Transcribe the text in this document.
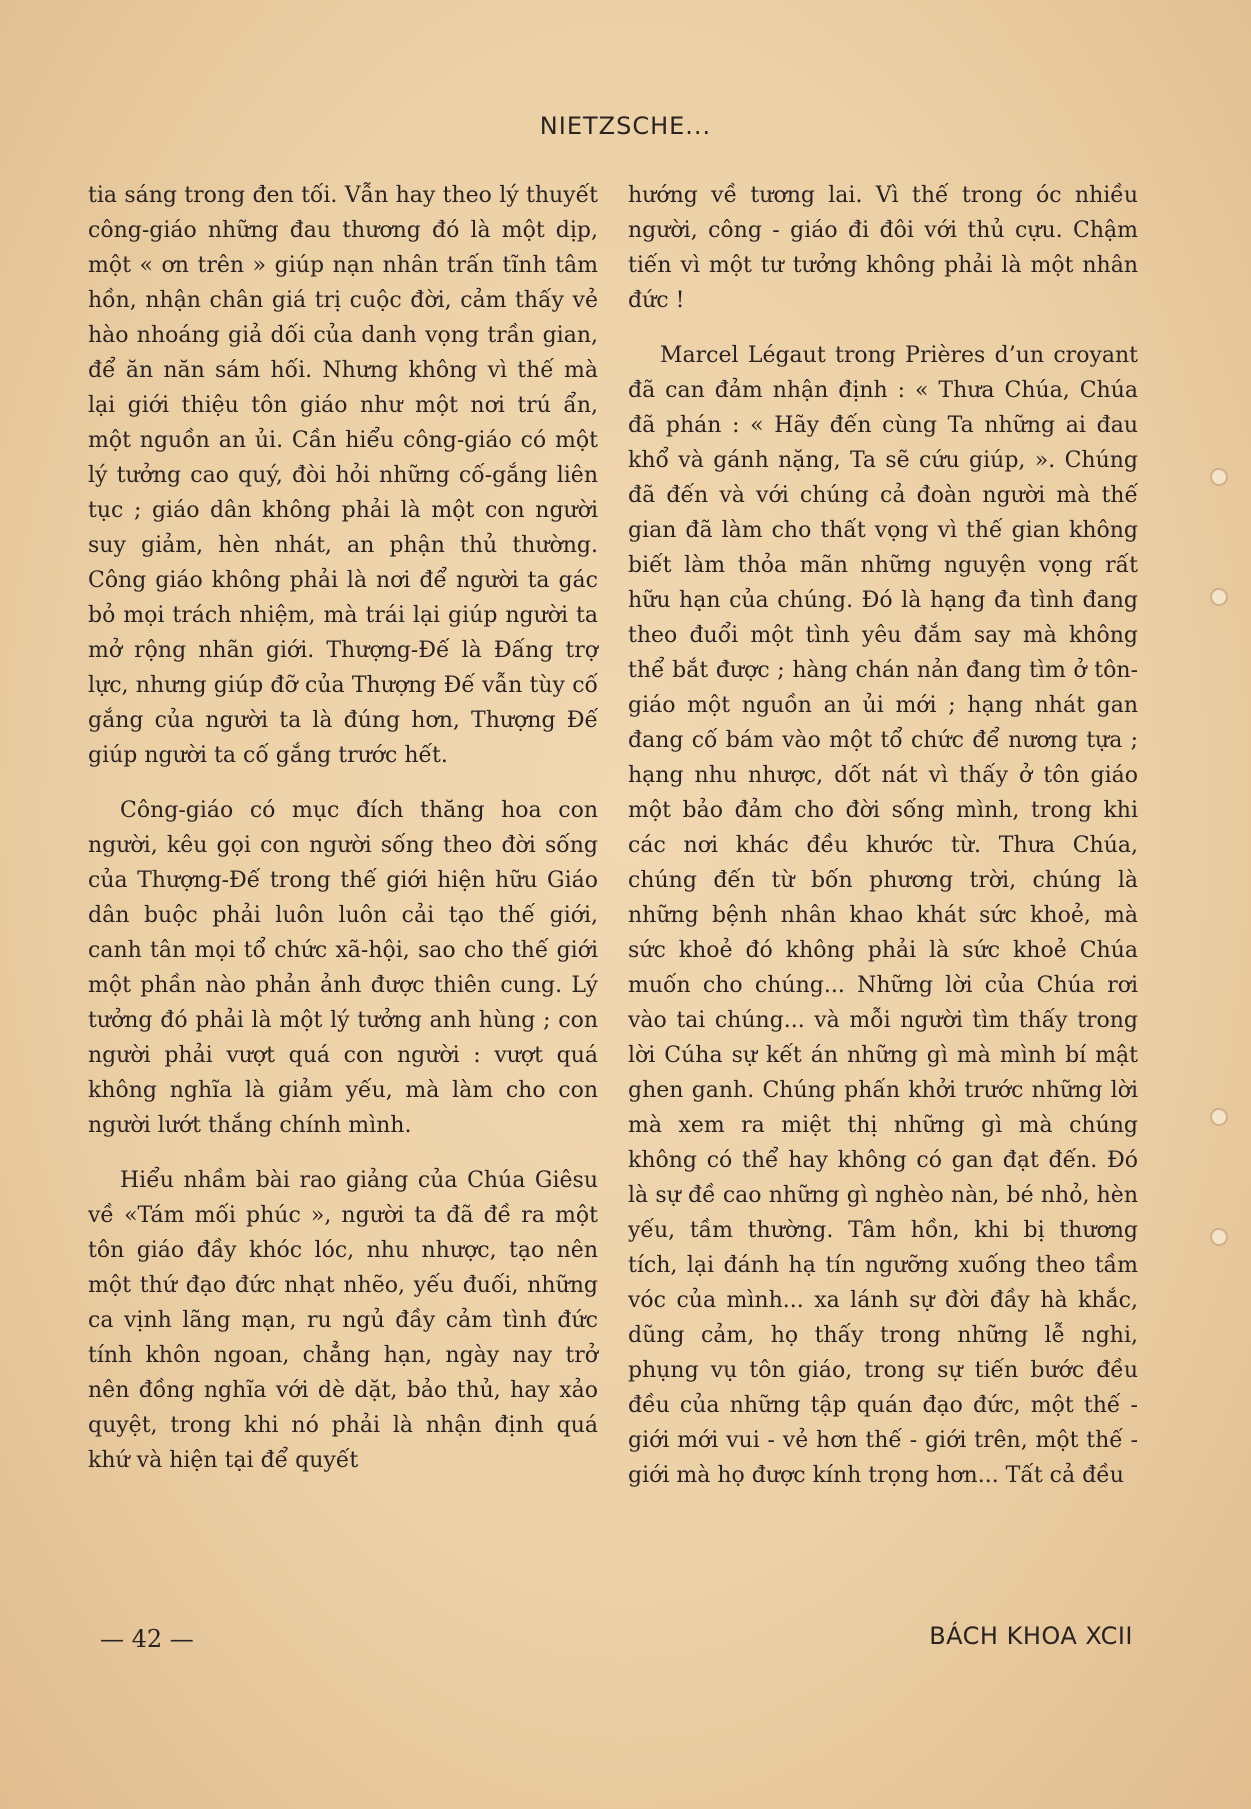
NIETZSCHE...

tia sáng trong đen tối. Vẫn hay theo lý thuyết công-giáo những đau thương đó là một dịp, một « ơn trên » giúp nạn nhân trấn tĩnh tâm hồn, nhận chân giá trị cuộc đời, cảm thấy vẻ hào nhoáng giả dối của danh vọng trần gian, để ăn năn sám hối. Nhưng không vì thế mà lại giới thiệu tôn giáo như một nơi trú ẩn, một nguồn an ủi. Cần hiểu công-giáo có một lý tưởng cao quý, đòi hỏi những cố-gắng liên tục ; giáo dân không phải là một con người suy giảm, hèn nhát, an phận thủ thường. Công giáo không phải là nơi để người ta gác bỏ mọi trách nhiệm, mà trái lại giúp người ta mở rộng nhãn giới. Thượng-Đế là Đấng trợ lực, nhưng giúp đỡ của Thượng Đế vẫn tùy cố gắng của người ta là đúng hơn, Thượng Đế giúp người ta cố gắng trước hết.

Công-giáo có mục đích thăng hoa con người, kêu gọi con người sống theo đời sống của Thượng-Đế trong thế giới hiện hữu Giáo dân buộc phải luôn luôn cải tạo thế giới, canh tân mọi tổ chức xã-hội, sao cho thế giới một phần nào phản ảnh được thiên cung. Lý tưởng đó phải là một lý tưởng anh hùng ; con người phải vượt quá con người : vượt quá không nghĩa là giảm yếu, mà làm cho con người lướt thắng chính mình.

Hiểu nhầm bài rao giảng của Chúa Giêsu về «Tám mối phúc », người ta đã đề ra một tôn giáo đầy khóc lóc, nhu nhược, tạo nên một thứ đạo đức nhạt nhẽo, yếu đuối, những ca vịnh lãng mạn, ru ngủ đầy cảm tình đức tính khôn ngoan, chẳng hạn, ngày nay trở nên đồng nghĩa với dè dặt, bảo thủ, hay xảo quyệt, trong khi nó phải là nhận định quá khứ và hiện tại để quyết

hướng về tương lai. Vì thế trong óc nhiều người, công - giáo đi đôi với thủ cựu. Chậm tiến vì một tư tưởng không phải là một nhân đức !

Marcel Légaut trong Prières d’un croyant đã can đảm nhận định : « Thưa Chúa, Chúa đã phán : « Hãy đến cùng Ta những ai đau khổ và gánh nặng, Ta sẽ cứu giúp, ». Chúng đã đến và với chúng cả đoàn người mà thế gian đã làm cho thất vọng vì thế gian không biết làm thỏa mãn những nguyện vọng rất hữu hạn của chúng. Đó là hạng đa tình đang theo đuổi một tình yêu đắm say mà không thể bắt được ; hàng chán nản đang tìm ở tôn-giáo một nguồn an ủi mới ; hạng nhát gan đang cố bám vào một tổ chức để nương tựa ; hạng nhu nhược, dốt nát vì thấy ở tôn giáo một bảo đảm cho đời sống mình, trong khi các nơi khác đều khước từ. Thưa Chúa, chúng đến từ bốn phương trời, chúng là những bệnh nhân khao khát sức khoẻ, mà sức khoẻ đó không phải là sức khoẻ Chúa muốn cho chúng... Những lời của Chúa rơi vào tai chúng... và mỗi người tìm thấy trong lời Cúha sự kết án những gì mà mình bí mật ghen ganh. Chúng phấn khởi trước những lời mà xem ra miệt thị những gì mà chúng không có thể hay không có gan đạt đến. Đó là sự đề cao những gì nghèo nàn, bé nhỏ, hèn yếu, tầm thường. Tâm hồn, khi bị thương tích, lại đánh hạ tín ngưỡng xuống theo tầm vóc của mình... xa lánh sự đời đầy hà khắc, dũng cảm, họ thấy trong những lễ nghi, phụng vụ tôn giáo, trong sự tiến bước đều đều của những tập quán đạo đức, một thế - giới mới vui - vẻ hơn thế - giới trên, một thế - giới mà họ được kính trọng hơn... Tất cả đều

— 42 —	BÁCH KHOA XCII
